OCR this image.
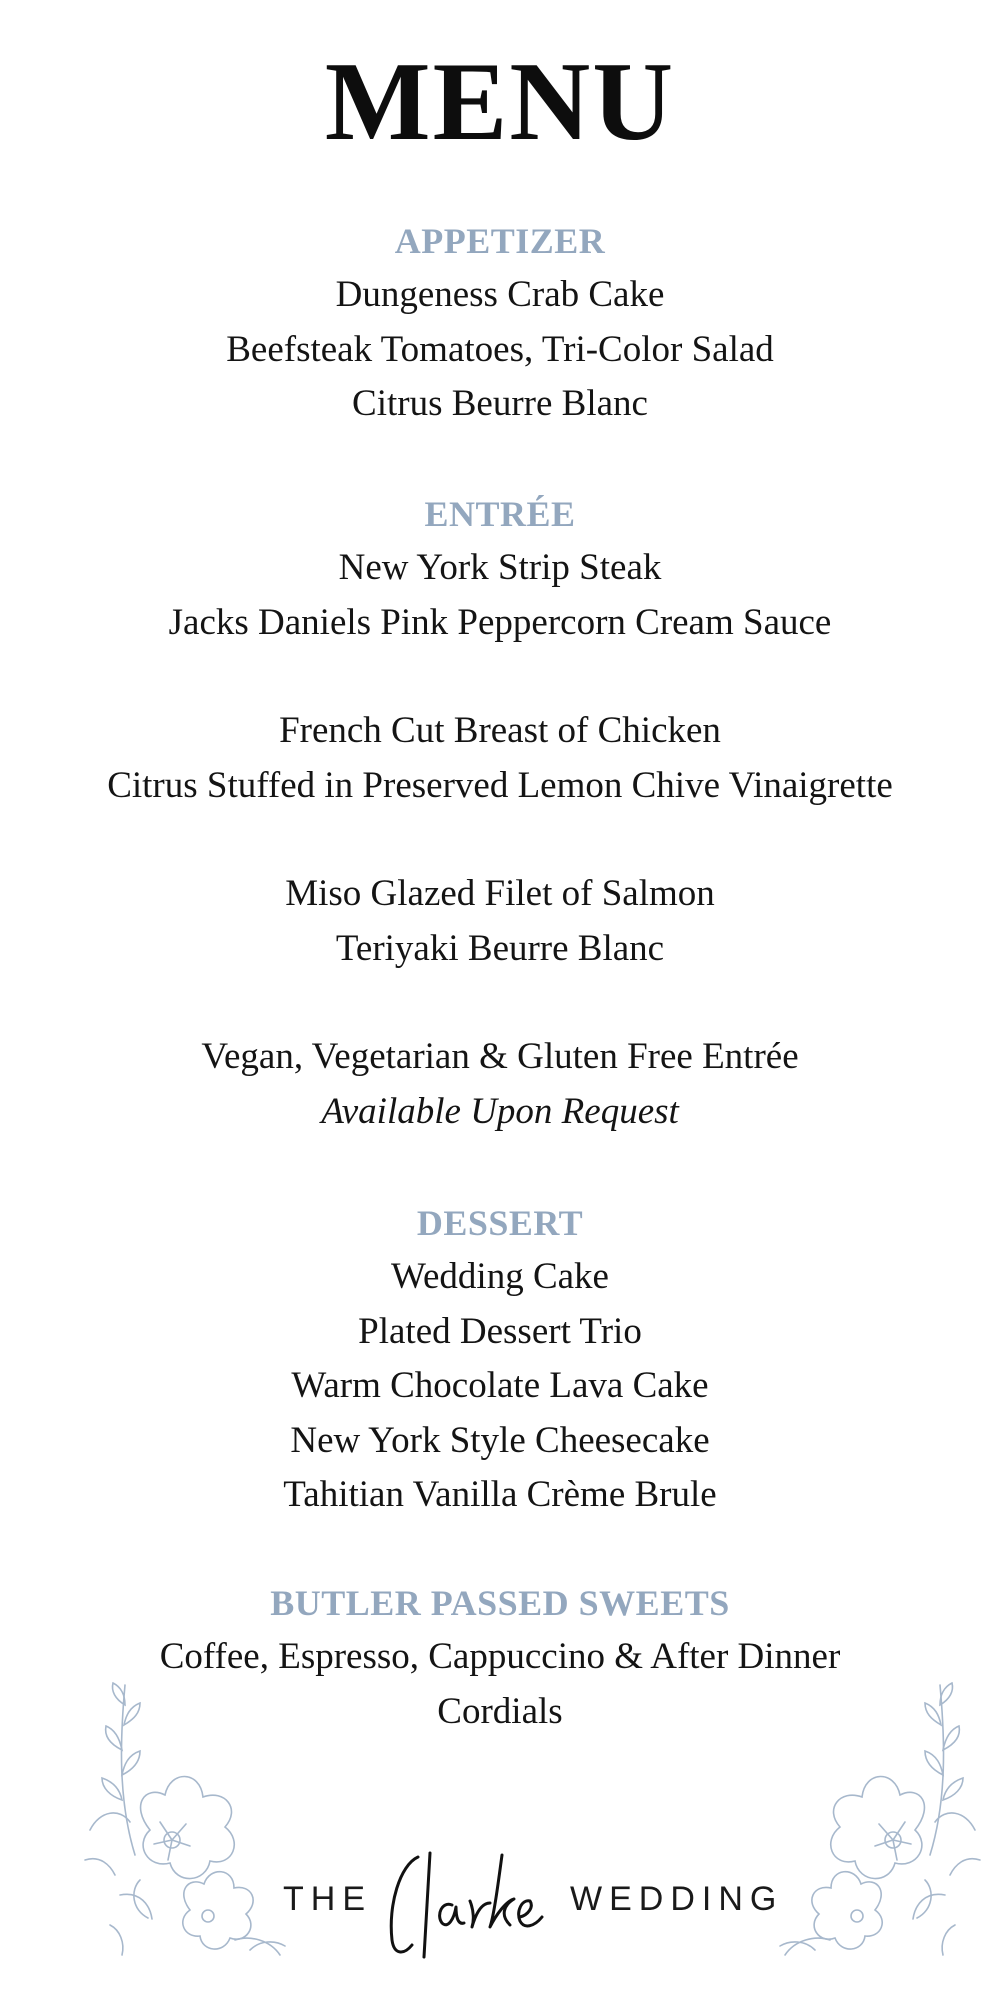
MENU
APPETIZER
Dungeness Crab Cake
Beefsteak Tomatoes, Tri-Color Salad
Citrus Beurre Blanc
ENTRÉE
New York Strip Steak
Jacks Daniels Pink Peppercorn Cream Sauce
French Cut Breast of Chicken
Citrus Stuffed in Preserved Lemon Chive Vinaigrette
Miso Glazed Filet of Salmon
Teriyaki Beurre Blanc
Vegan, Vegetarian & Gluten Free Entrée
Available Upon Request
DESSERT
Wedding Cake
Plated Dessert Trio
Warm Chocolate Lava Cake
New York Style Cheesecake
Tahitian Vanilla Crème Brule
BUTLER PASSED SWEETS
Coffee, Espresso, Cappuccino & After Dinner
Cordials
THE	WEDDING
